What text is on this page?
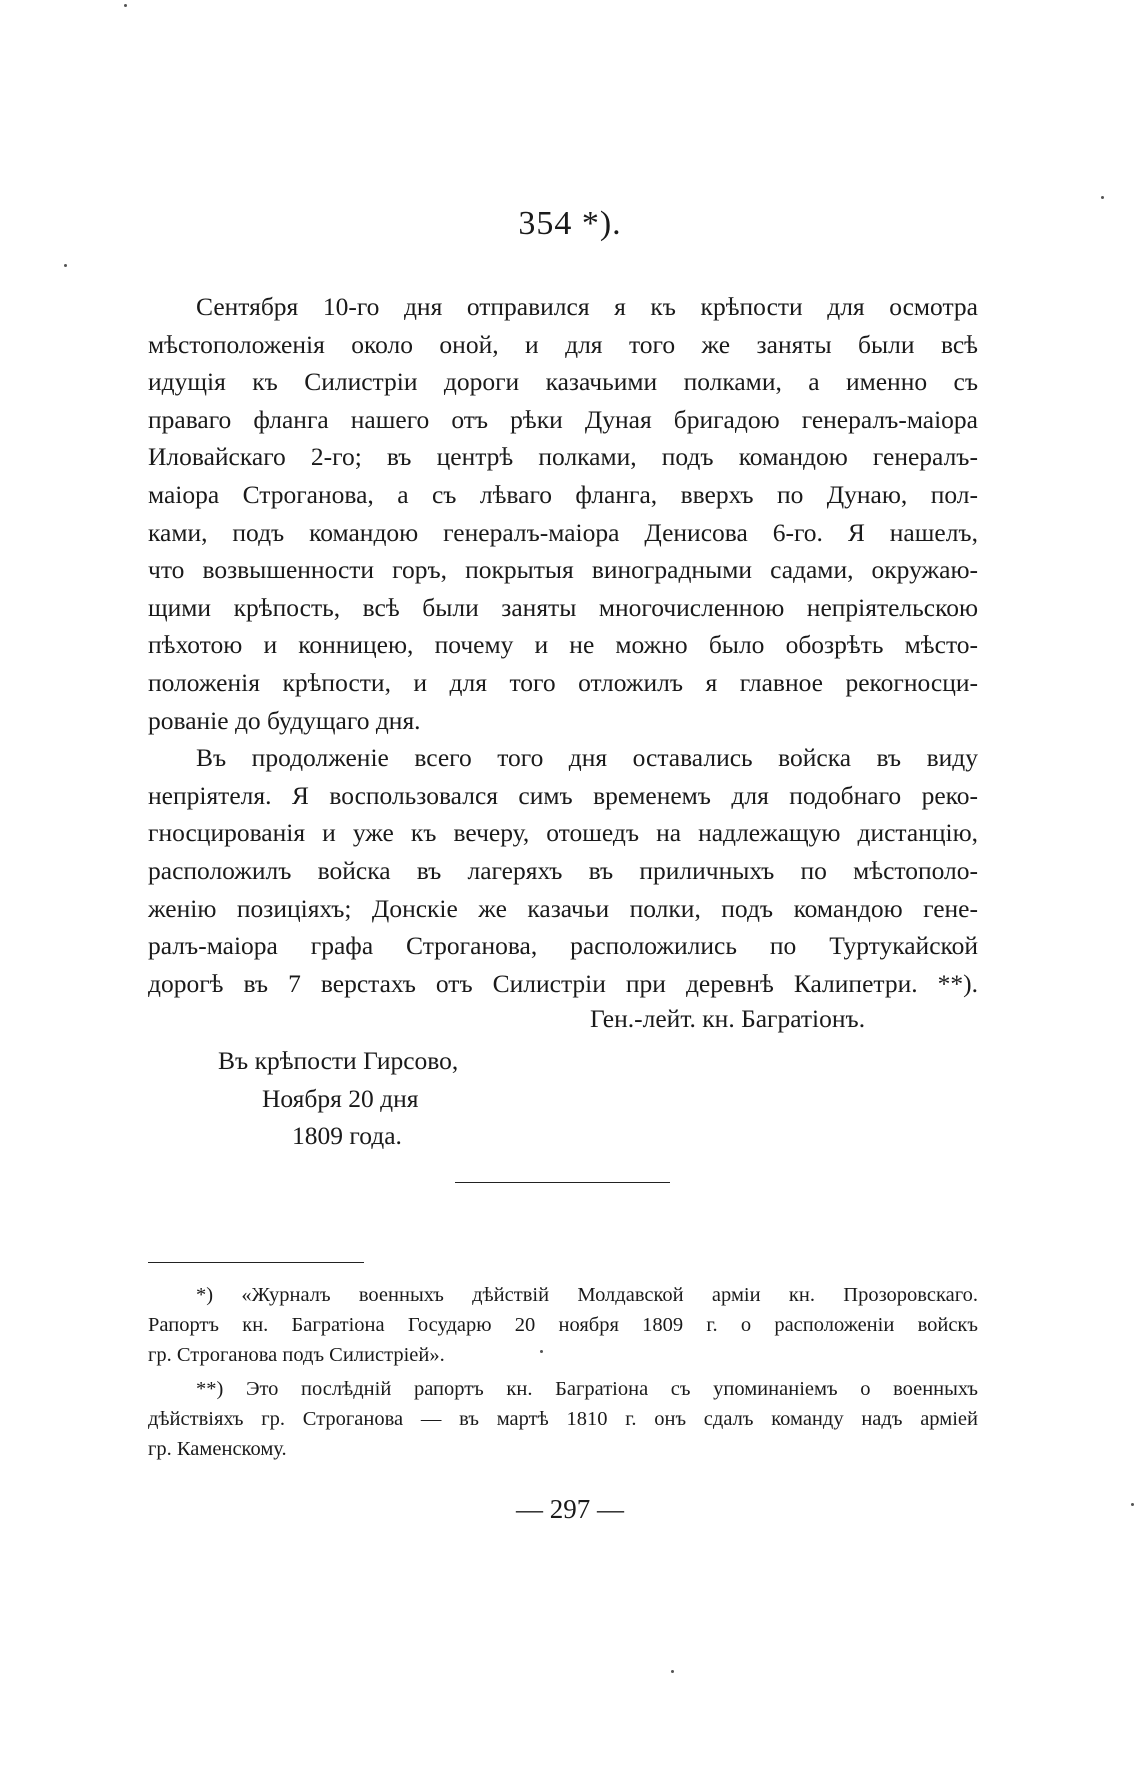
354 *).

Сентября 10-го дня отправился я къ крѣпости для осмотра
мѣстоположенія около оной, и для того же заняты были всѣ
идущія къ Силистріи дороги казачьими полками, а именно съ
праваго фланга нашего отъ рѣки Дуная бригадою генералъ-маіора
Иловайскаго 2-го; въ центрѣ полками, подъ командою генералъ-
маіора Строганова, а съ лѣваго фланга, вверхъ по Дунаю, пол-
ками, подъ командою генералъ-маіора Денисова 6-го. Я нашелъ,
что возвышенности горъ, покрытыя виноградными садами, окружаю-
щими крѣпость, всѣ были заняты многочисленною непріятельскою
пѣхотою и конницею, почему и не можно было обозрѣть мѣсто-
положенія крѣпости, и для того отложилъ я главное рекогносци-
рованіе до будущаго дня.

Въ продолженіе всего того дня оставались войска въ виду
непріятеля. Я воспользовался симъ временемъ для подобнаго реко-
гносцированія и уже къ вечеру, отошедъ на надлежащую дистанцію,
расположилъ войска въ лагеряхъ въ приличныхъ по мѣстополо-
женію позиціяхъ; Донскіе же казачьи полки, подъ командою гене-
ралъ-маіора графа Строганова, расположились по Туртукайской
дорогѣ въ 7 верстахъ отъ Силистріи при деревнѣ Калипетри. **).

Ген.-лейт. кн. Багратіонъ.
Въ крѣпости Гирсово,
Ноября 20 дня
1809 года.
*) «Журналъ военныхъ дѣйствій Молдавской арміи кн. Прозоровскаго.
Рапортъ кн. Багратіона Государю 20 ноября 1809 г. о расположеніи войскъ
гр. Строганова подъ Силистріей».
**) Это послѣдній рапортъ кн. Багратіона съ упоминаніемъ о военныхъ
дѣйствіяхъ гр. Строганова — въ мартѣ 1810 г. онъ сдалъ команду надъ арміей
гр. Каменскому.
— 297 —
